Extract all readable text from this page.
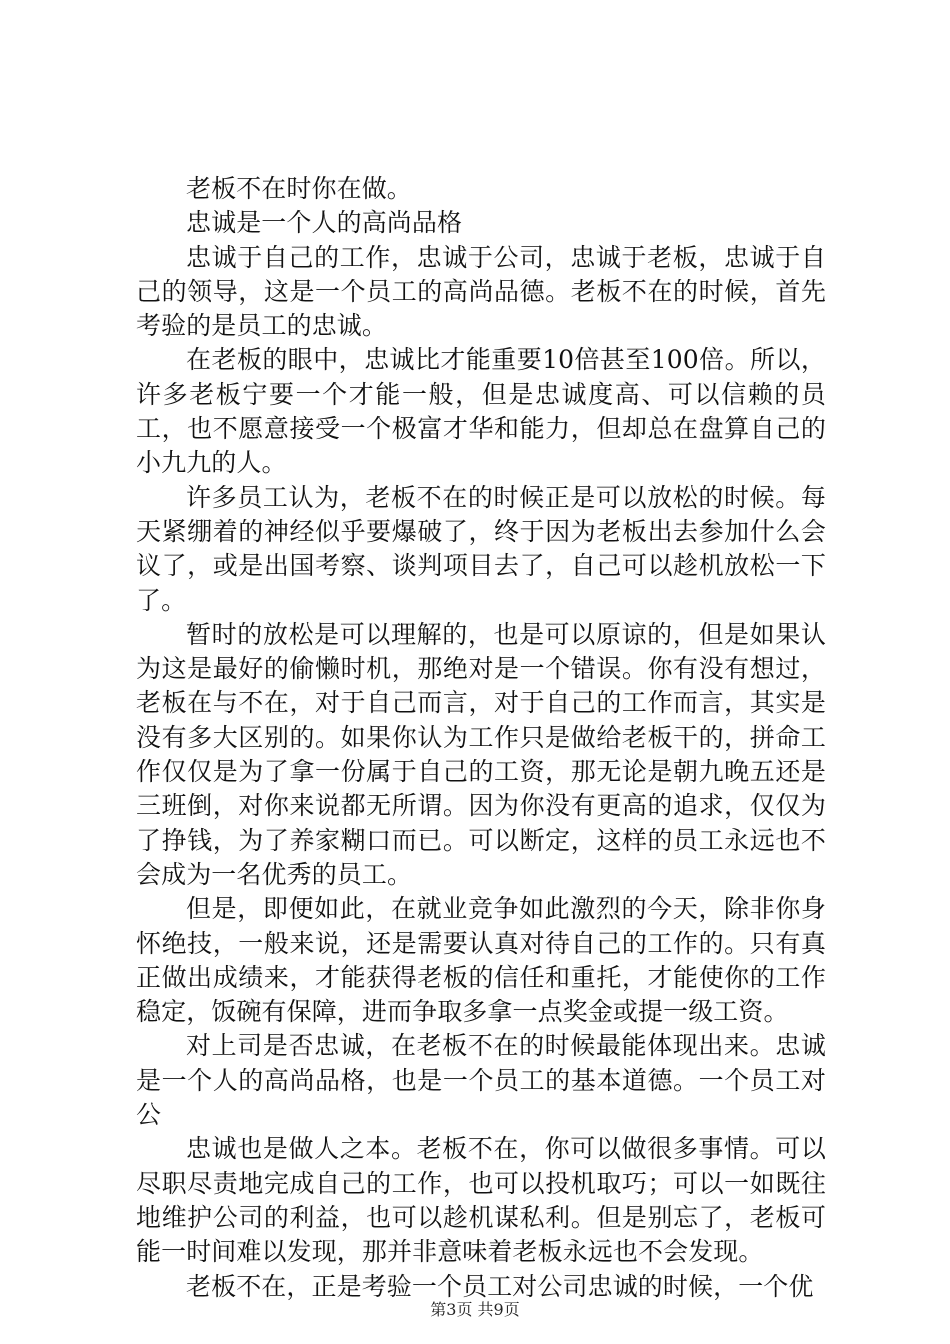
老板不在时你在做。

忠诚是一个人的高尚品格

忠诚于自己的工作，忠诚于公司，忠诚于老板，忠诚于自己的领导，这是一个员工的高尚品德。老板不在的时候，首先考验的是员工的忠诚。

在老板的眼中，忠诚比才能重要10倍甚至100倍。所以，许多老板宁要一个才能一般，但是忠诚度高、可以信赖的员工，也不愿意接受一个极富才华和能力，但却总在盘算自己的小九九的人。

许多员工认为，老板不在的时候正是可以放松的时候。每天紧绷着的神经似乎要爆破了，终于因为老板出去参加什么会议了，或是出国考察、谈判项目去了，自己可以趁机放松一下了。

暂时的放松是可以理解的，也是可以原谅的，但是如果认为这是最好的偷懒时机，那绝对是一个错误。你有没有想过，老板在与不在，对于自己而言，对于自己的工作而言，其实是没有多大区别的。如果你认为工作只是做给老板干的，拼命工作仅仅是为了拿一份属于自己的工资，那无论是朝九晚五还是三班倒，对你来说都无所谓。因为你没有更高的追求，仅仅为了挣钱，为了养家糊口而已。可以断定，这样的员工永远也不会成为一名优秀的员工。

但是，即便如此，在就业竞争如此激烈的今天，除非你身怀绝技，一般来说，还是需要认真对待自己的工作的。只有真正做出成绩来，才能获得老板的信任和重托，才能使你的工作稳定，饭碗有保障，进而争取多拿一点奖金或提一级工资。

对上司是否忠诚，在老板不在的时候最能体现出来。忠诚是一个人的高尚品格，也是一个员工的基本道德。一个员工对公

忠诚也是做人之本。老板不在，你可以做很多事情。可以尽职尽责地完成自己的工作，也可以投机取巧；可以一如既往地维护公司的利益，也可以趁机谋私利。但是别忘了，老板可能一时间难以发现，那并非意味着老板永远也不会发现。

老板不在，正是考验一个员工对公司忠诚的时候，一个优

第3页 共9页
